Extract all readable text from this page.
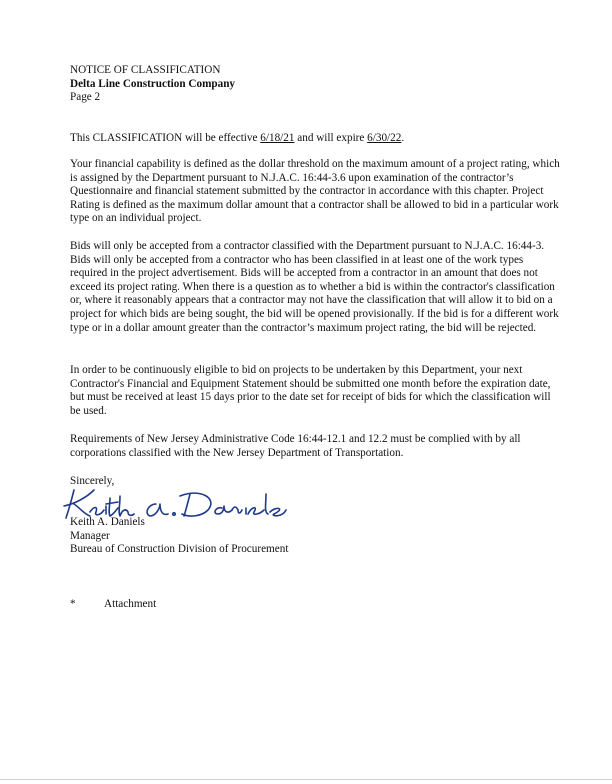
NOTICE OF CLASSIFICATION
Delta Line Construction Company
Page 2

This CLASSIFICATION will be effective 6/18/21 and will expire 6/30/22.

Your financial capability is defined as the dollar threshold on the maximum amount of a project rating, which is assigned by the Department pursuant to N.J.A.C. 16:44-3.6 upon examination of the contractor’s Questionnaire and financial statement submitted by the contractor in accordance with this chapter. Project Rating is defined as the maximum dollar amount that a contractor shall be allowed to bid in a particular work type on an individual project.

Bids will only be accepted from a contractor classified with the Department pursuant to N.J.A.C. 16:44-3. Bids will only be accepted from a contractor who has been classified in at least one of the work types required in the project advertisement. Bids will be accepted from a contractor in an amount that does not exceed its project rating. When there is a question as to whether a bid is within the contractor's classification or, where it reasonably appears that a contractor may not have the classification that will allow it to bid on a project for which bids are being sought, the bid will be opened provisionally. If the bid is for a different work type or in a dollar amount greater than the contractor’s maximum project rating, the bid will be rejected.

In order to be continuously eligible to bid on projects to be undertaken by this Department, your next Contractor's Financial and Equipment Statement should be submitted one month before the expiration date, but must be received at least 15 days prior to the date set for receipt of bids for which the classification will be used.

Requirements of New Jersey Administrative Code 16:44-12.1 and 12.2 must be complied with by all corporations classified with the New Jersey Department of Transportation.

Sincerely,
Keith A. Daniels
Manager
Bureau of Construction Division of Procurement
*	Attachment
